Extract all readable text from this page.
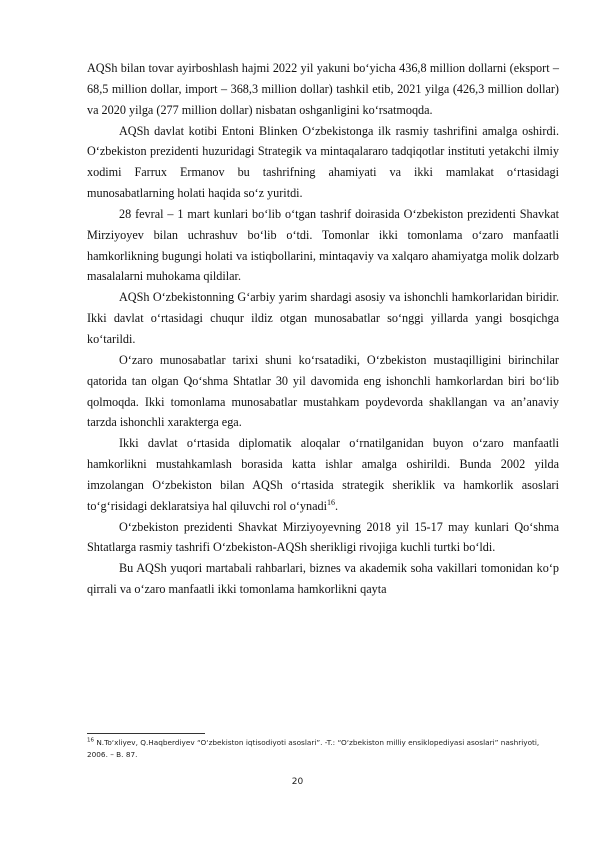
AQSh bilan tovar ayirboshlash hajmi 2022 yil yakuni bo‘yicha 436,8 million dollarni (eksport – 68,5 million dollar, import – 368,3 million dollar) tashkil etib, 2021 yilga (426,3 million dollar) va 2020 yilga (277 million dollar) nisbatan oshganligini ko‘rsatmoqda.

AQSh davlat kotibi Entoni Blinken O‘zbekistonga ilk rasmiy tashrifini amalga oshirdi. O‘zbekiston prezidenti huzuridagi Strategik va mintaqalararo tadqiqotlar instituti yetakchi ilmiy xodimi Farrux Ermanov bu tashrifning ahamiyati va ikki mamlakat o‘rtasidagi munosabatlarning holati haqida so‘z yuritdi.

28 fevral – 1 mart kunlari bo‘lib o‘tgan tashrif doirasida O‘zbekiston prezidenti Shavkat Mirziyoyev bilan uchrashuv bo‘lib o‘tdi. Tomonlar ikki tomonlama o‘zaro manfaatli hamkorlikning bugungi holati va istiqbollarini, mintaqaviy va xalqaro ahamiyatga molik dolzarb masalalarni muhokama qildilar.

AQSh O‘zbekistonning G‘arbiy yarim shardagi asosiy va ishonchli hamkorlaridan biridir. Ikki davlat o‘rtasidagi chuqur ildiz otgan munosabatlar so‘nggi yillarda yangi bosqichga ko‘tarildi.

O‘zaro munosabatlar tarixi shuni ko‘rsatadiki, O‘zbekiston mustaqilligini birinchilar qatorida tan olgan Qo‘shma Shtatlar 30 yil davomida eng ishonchli hamkorlardan biri bo‘lib qolmoqda. Ikki tomonlama munosabatlar mustahkam poydevorda shakllangan va an’anaviy tarzda ishonchli xarakterga ega.

Ikki davlat o‘rtasida diplomatik aloqalar o‘rnatilganidan buyon o‘zaro manfaatli hamkorlikni mustahkamlash borasida katta ishlar amalga oshirildi. Bunda 2002 yilda imzolangan O‘zbekiston bilan AQSh o‘rtasida strategik sheriklik va hamkorlik asoslari to‘g‘risidagi deklaratsiya hal qiluvchi rol o‘ynadi$^{16}$.

O‘zbekiston prezidenti Shavkat Mirziyoyevning 2018 yil 15-17 may kunlari Qo‘shma Shtatlarga rasmiy tashrifi O‘zbekiston-AQSh sherikligi rivojiga kuchli turtki bo‘ldi.

Bu AQSh yuqori martabali rahbarlari, biznes va akademik soha vakillari tomonidan ko‘p qirrali va o‘zaro manfaatli ikki tomonlama hamkorlikni qayta

$^{16}$ N.To‘xliyev, Q.Haqberdiyev “O‘zbekiston iqtisodiyoti asoslari”. -T.: “O‘zbekiston milliy ensiklopediyasi asoslari” nashriyoti, 2006. – B. 87.
20
